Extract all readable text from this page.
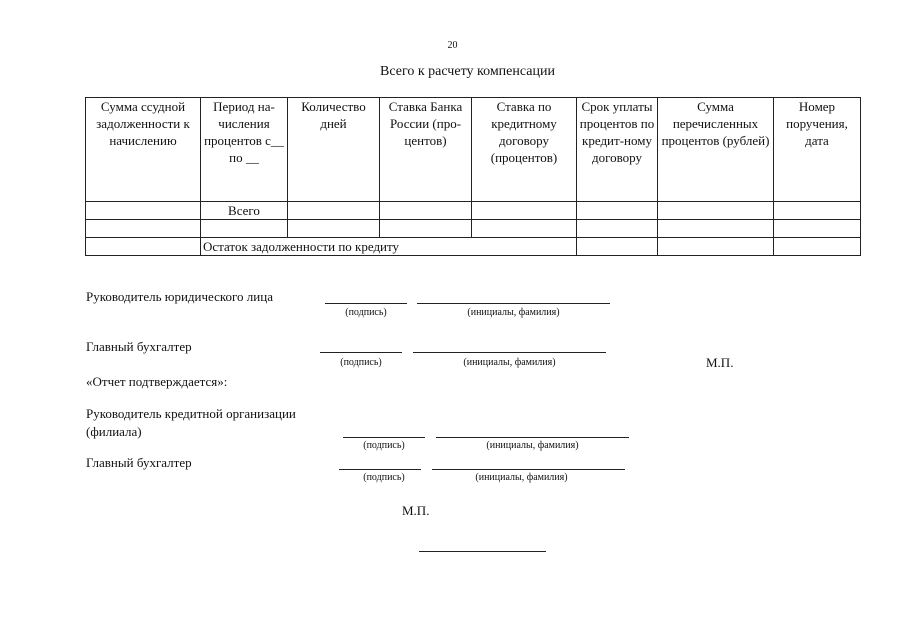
20
Всего к расчету компенсации
Сумма ссудной задолженности к начислению	Период на-числения процентов с__ по __	Количество дней	Ставка Банка России (про-центов)	Ставка по кредитному договору (процентов)	Срок уплаты процентов по кредит-ному договору	Сумма перечисленных процентов (рублей)	Номер поручения, дата
	Всего						

	Остаток задолженности по кредиту						
Руководитель юридического лица
(подпись)	(инициалы, фамилия)
Главный бухгалтер
(подпись)	(инициалы, фамилия)	М.П.
«Отчет подтверждается»:
Руководитель кредитной организации
(филиала)
(подпись)	(инициалы, фамилия)
Главный бухгалтер
(подпись)	(инициалы, фамилия)
М.П.
